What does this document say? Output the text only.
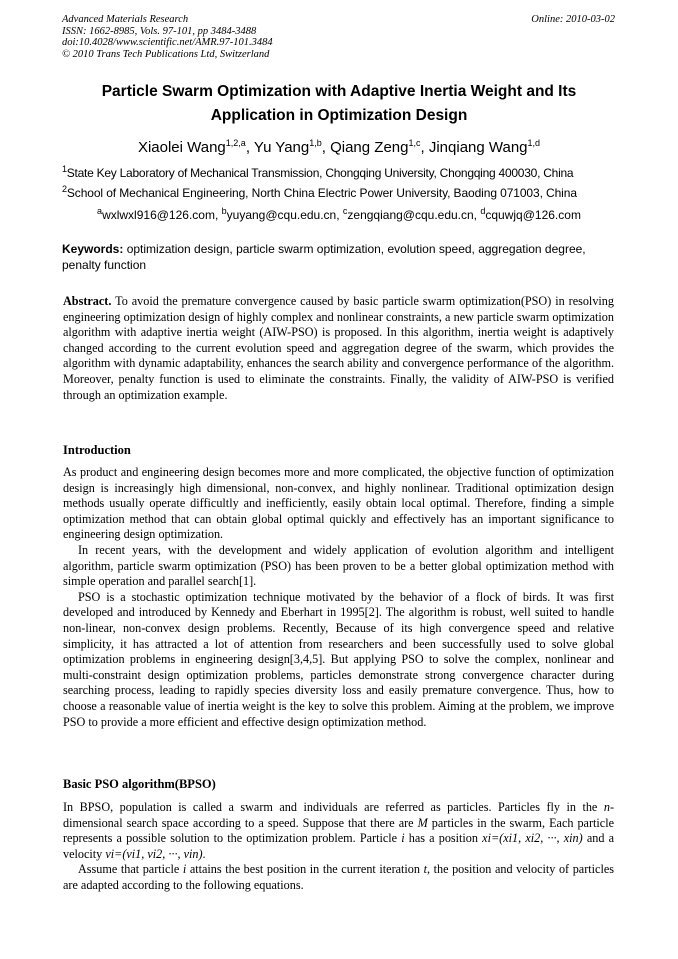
Advanced Materials Research
ISSN: 1662-8985, Vols. 97-101, pp 3484-3488
doi:10.4028/www.scientific.net/AMR.97-101.3484
© 2010 Trans Tech Publications Ltd, Switzerland
Online: 2010-03-02
Particle Swarm Optimization with Adaptive Inertia Weight and Its
Application in Optimization Design
Xiaolei Wang$^{1,2,a}$, Yu Yang$^{1,b}$, Qiang Zeng$^{1,c}$, Jinqiang Wang$^{1,d}$
$^1$State Key Laboratory of Mechanical Transmission, Chongqing University, Chongqing 400030, China
$^2$School of Mechanical Engineering, North China Electric Power University, Baoding 071003, China
$^a$wxlwxl916@126.com, $^b$yuyang@cqu.edu.cn, $^c$zengqiang@cqu.edu.cn, $^d$cquwjq@126.com
Keywords: optimization design, particle swarm optimization, evolution speed, aggregation degree, penalty function

Abstract. To avoid the premature convergence caused by basic particle swarm optimization(PSO) in resolving engineering optimization design of highly complex and nonlinear constraints, a new particle swarm optimization algorithm with adaptive inertia weight (AIW-PSO) is proposed. In this algorithm, inertia weight is adaptively changed according to the current evolution speed and aggregation degree of the swarm, which provides the algorithm with dynamic adaptability, enhances the search ability and convergence performance of the algorithm. Moreover, penalty function is used to eliminate the constraints. Finally, the validity of AIW-PSO is verified through an optimization example.

Introduction

As product and engineering design becomes more and more complicated, the objective function of optimization design is increasingly high dimensional, non-convex, and highly nonlinear. Traditional optimization design methods usually operate difficultly and inefficiently, easily obtain local optimal. Therefore, finding a simple optimization method that can obtain global optimal quickly and effectively has an important significance to engineering design optimization.

In recent years, with the development and widely application of evolution algorithm and intelligent algorithm, particle swarm optimization (PSO) has been proven to be a better global optimization method with simple operation and parallel search[1].

PSO is a stochastic optimization technique motivated by the behavior of a flock of birds. It was first developed and introduced by Kennedy and Eberhart in 1995[2]. The algorithm is robust, well suited to handle non-linear, non-convex design problems. Recently, Because of its high convergence speed and relative simplicity, it has attracted a lot of attention from researchers and been successfully used to solve global optimization problems in engineering design[3,4,5]. But applying PSO to solve the complex, nonlinear and multi-constraint design optimization problems, particles demonstrate strong convergence character during searching process, leading to rapidly species diversity loss and easily premature convergence. Thus, how to choose a reasonable value of inertia weight is the key to solve this problem. Aiming at the problem, we improve PSO to provide a more efficient and effective design optimization method.

Basic PSO algorithm(BPSO)

In BPSO, population is called a swarm and individuals are referred as particles. Particles fly in the n-dimensional search space according to a speed. Suppose that there are M particles in the swarm, Each particle represents a possible solution to the optimization problem. Particle i has a position xi=(xi1, xi2, ···, xin) and a velocity vi=(vi1, vi2, ···, vin).

Assume that particle i attains the best position in the current iteration t, the position and velocity of particles are adapted according to the following equations.
